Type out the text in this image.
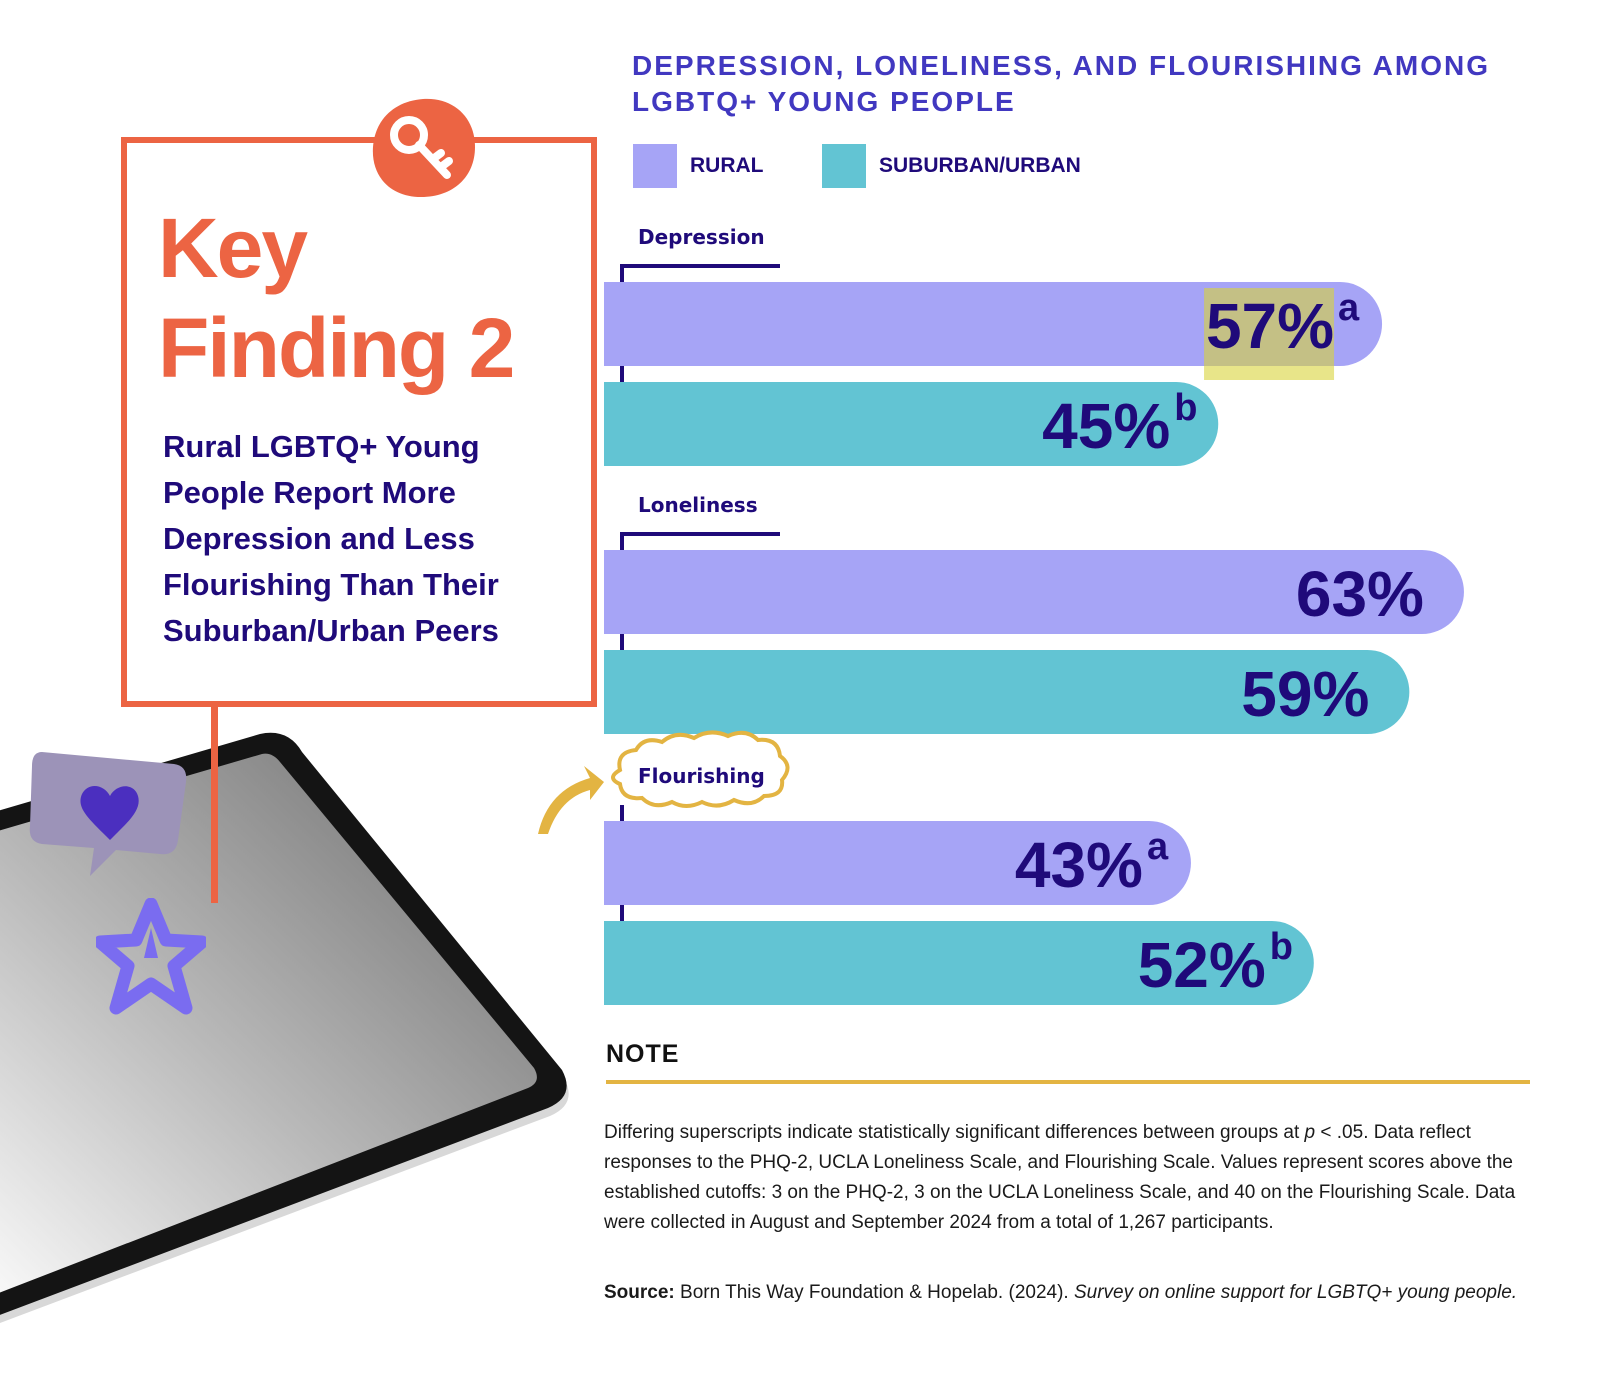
Key
Finding 2

Rural LGBTQ+ Young
People Report More
Depression and Less
Flourishing Than Their
Suburban/Urban Peers

DEPRESSION, LONELINESS, AND FLOURISHING AMONG
LGBTQ+ YOUNG PEOPLE
RURAL	SUBURBAN/URBAN
Depression
57% a
45% b
Loneliness
63%
59%
Flourishing
43% a
52% b
NOTE

Differing superscripts indicate statistically significant differences between groups at p < .05. Data reflect responses to the PHQ-2, UCLA Loneliness Scale, and Flourishing Scale. Values represent scores above the established cutoffs: 3 on the PHQ-2, 3 on the UCLA Loneliness Scale, and 40 on the Flourishing Scale. Data were collected in August and September 2024 from a total of 1,267 participants.

Source: Born This Way Foundation & Hopelab. (2024). Survey on online support for LGBTQ+ young people.
